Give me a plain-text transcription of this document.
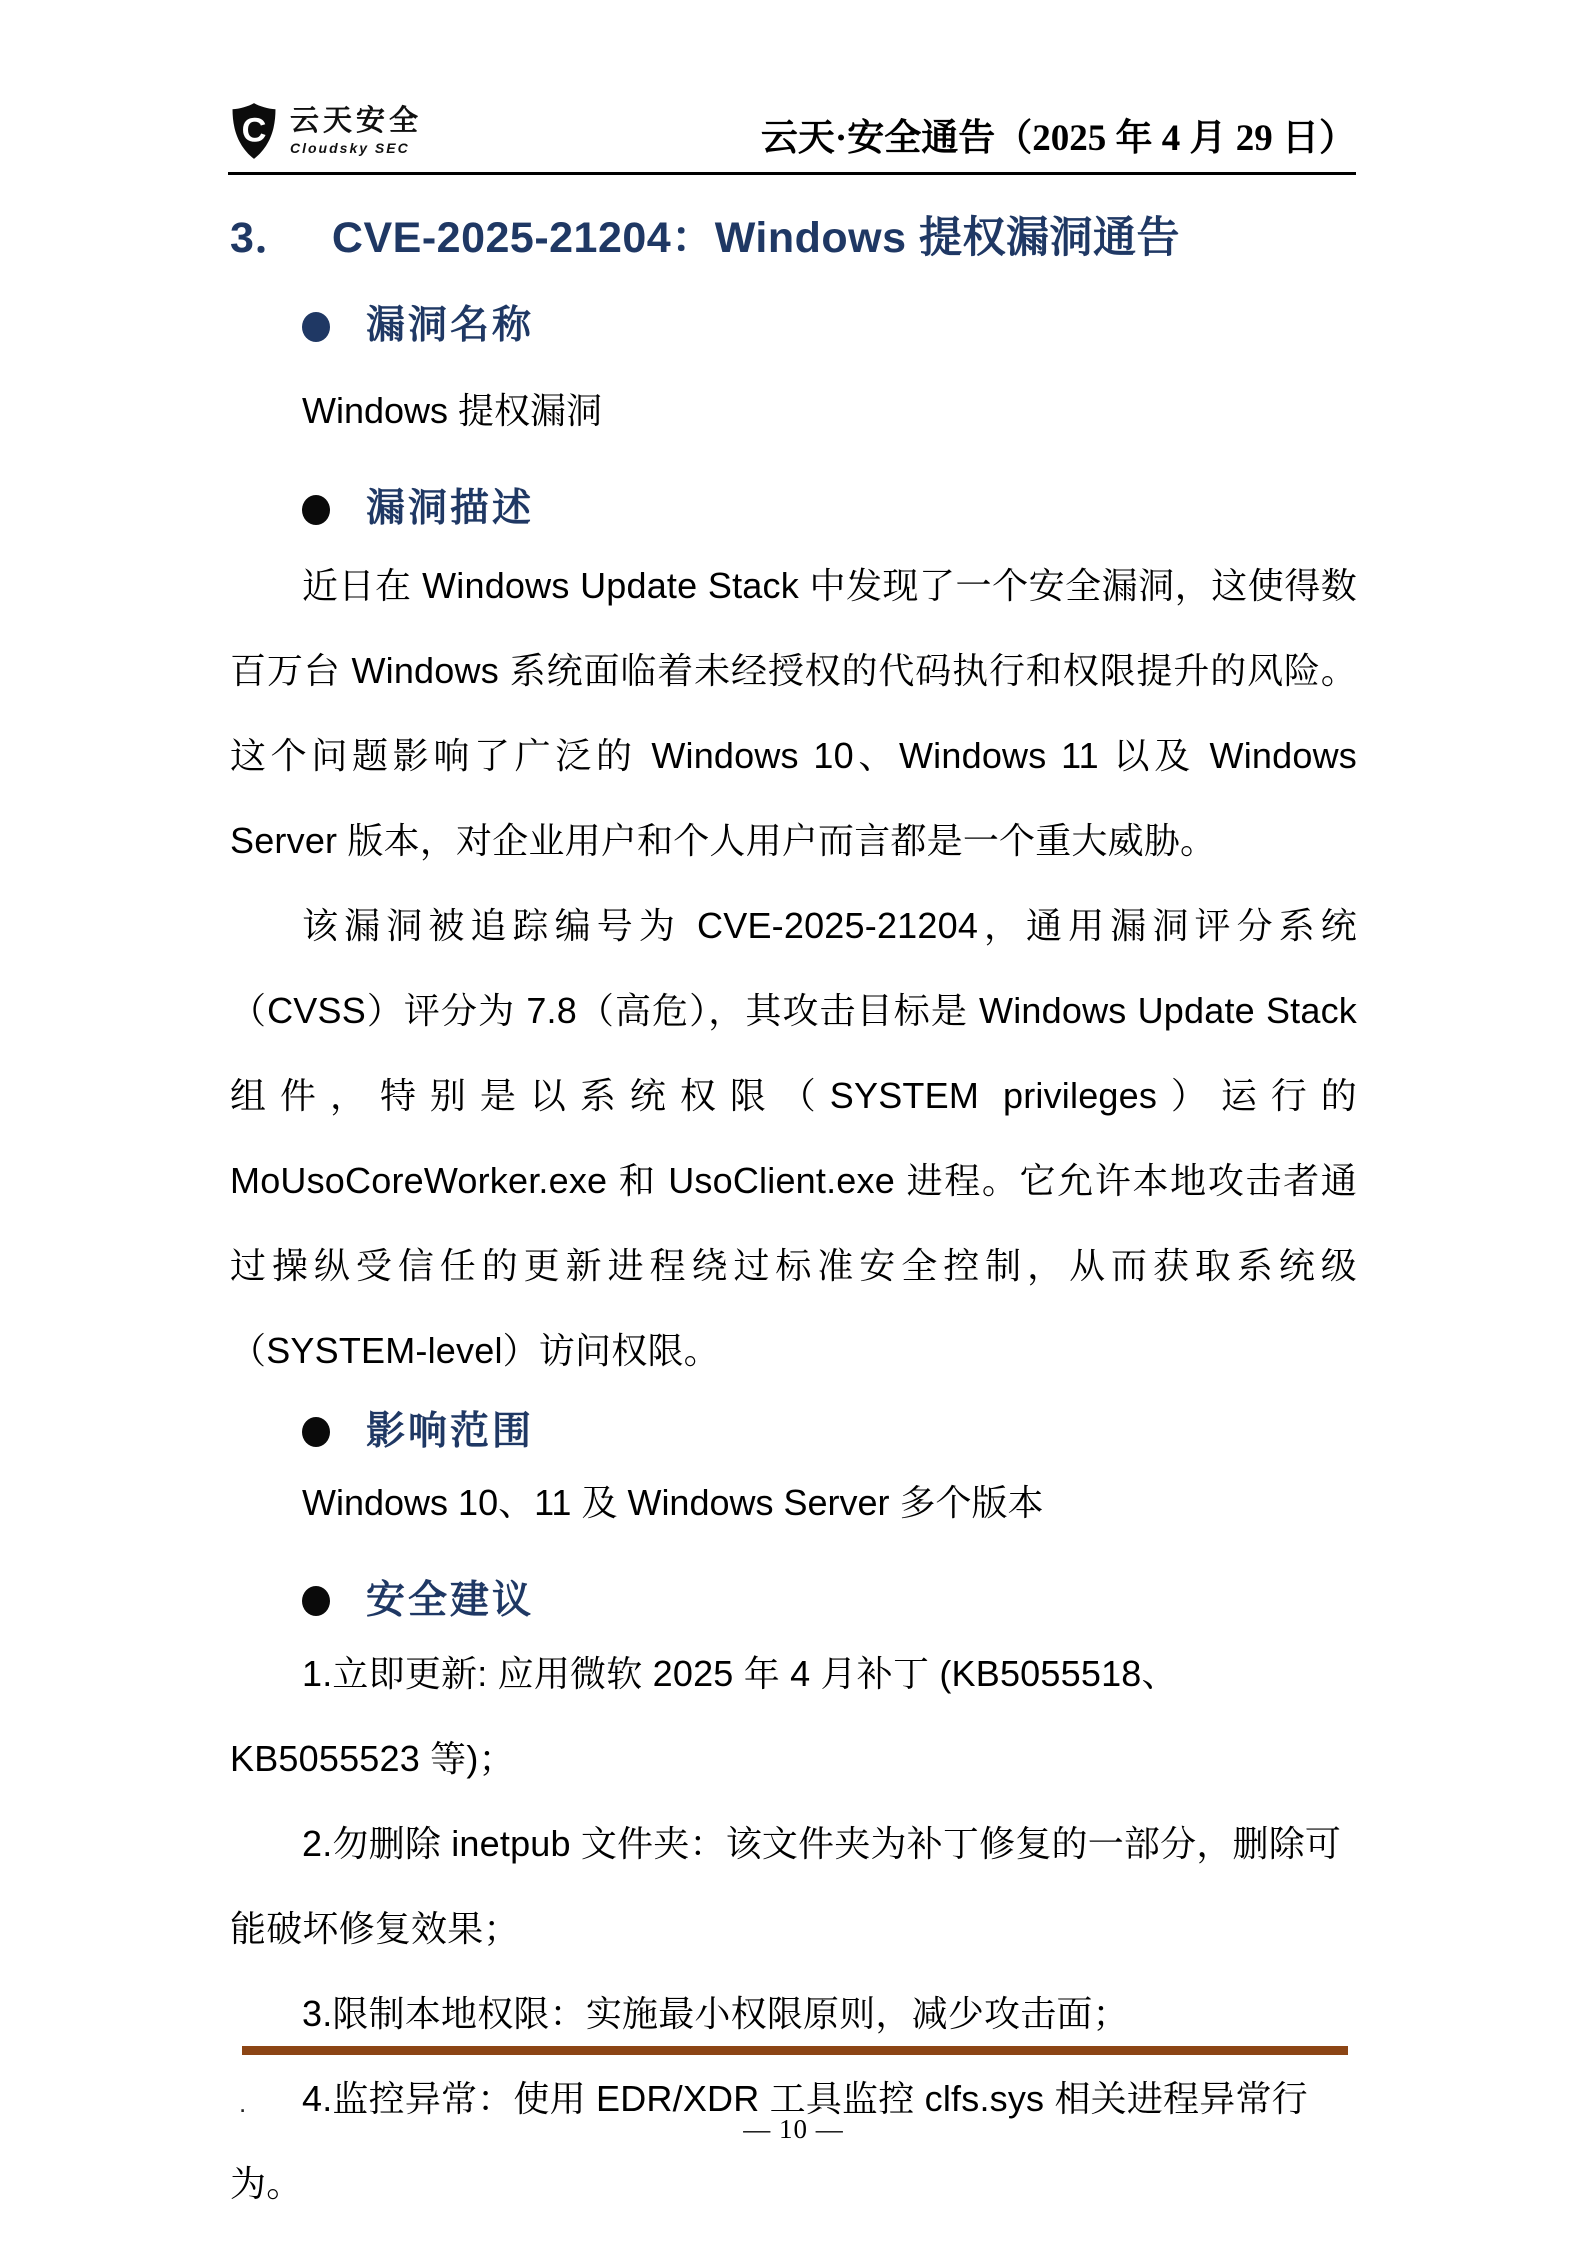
C 云天安全
Cloudsky SEC	云天·安全通告（2025 年 4 月 29 日）
3． CVE-2025-21204：Windows 提权漏洞通告
漏洞名称

Windows 提权漏洞

漏洞描述

近日在 Windows Update Stack 中发现了一个安全漏洞，这使得数百万台 Windows 系统面临着未经授权的代码执行和权限提升的风险。这个问题影响了广泛的 Windows 10、Windows 11 以及 Windows Server 版本，对企业用户和个人用户而言都是一个重大威胁。

该漏洞被追踪编号为 CVE-2025-21204，通用漏洞评分系统（CVSS）评分为 7.8（高危），其攻击目标是 Windows Update Stack 组件，特别是以系统权限（SYSTEM privileges）运行的 MoUsoCoreWorker.exe 和 UsoClient.exe 进程。它允许本地攻击者通过操纵受信任的更新进程绕过标准安全控制，从而获取系统级（SYSTEM-level）访问权限。

影响范围

Windows 10、11 及 Windows Server 多个版本

安全建议

1.立即更新: 应用微软 2025 年 4 月补丁 (KB5055518、KB5055523 等)；

2.勿删除 inetpub 文件夹：该文件夹为补丁修复的一部分，删除可能破坏修复效果；

3.限制本地权限：实施最小权限原则，减少攻击面；

4.监控异常：使用 EDR/XDR 工具监控 clfs.sys 相关进程异常行为。

.
— 10 —
